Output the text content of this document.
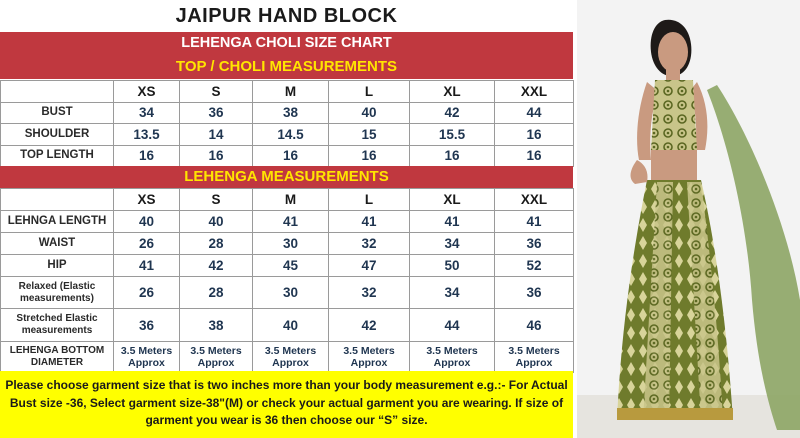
JAIPUR HAND BLOCK
LEHENGA CHOLI SIZE CHART
TOP / CHOLI MEASUREMENTS
	XS	S	M	L	XL	XXL
BUST	34	36	38	40	42	44
SHOULDER	13.5	14	14.5	15	15.5	16
TOP LENGTH	16	16	16	16	16	16
LEHENGA MEASUREMENTS
	XS	S	M	L	XL	XXL
LEHNGA LENGTH	40	40	41	41	41	41
WAIST	26	28	30	32	34	36
HIP	41	42	45	47	50	52
Relaxed (Elastic measurements)	26	28	30	32	34	36
Stretched Elastic measurements	36	38	40	42	44	46
LEHENGA BOTTOM DIAMETER	3.5 Meters Approx	3.5 Meters Approx	3.5 Meters Approx	3.5 Meters Approx	3.5 Meters Approx	3.5 Meters Approx
Please choose garment size that is two inches more than your body measurement e.g.:- For Actual Bust size -36, Select garment size-38"(M) or check your actual garment you are wearing. If size of garment you wear is 36 then choose our “S” size.
